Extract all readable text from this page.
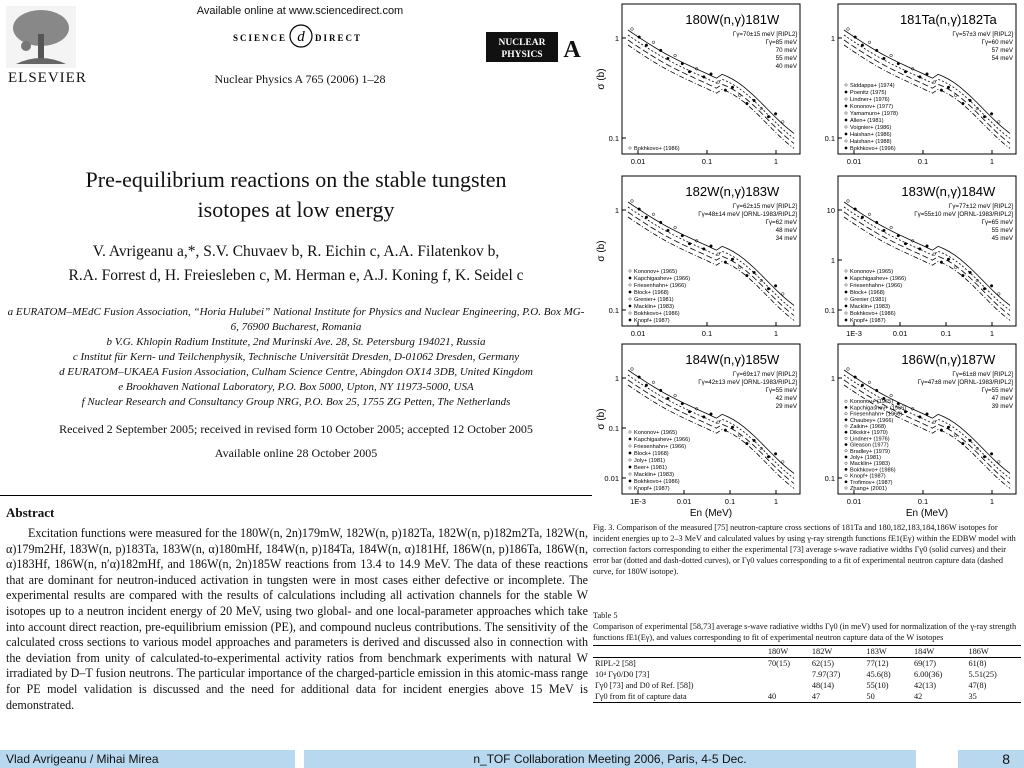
ELSEVIER
Available online at www.sciencedirect.com
SCIENCE d DIRECT
Nuclear Physics A 765 (2006) 1–28
NUCLEAR
PHYSICS A
Pre-equilibrium reactions on the stable tungsten
isotopes at low energy
V. Avrigeanu a,*, S.V. Chuvaev b, R. Eichin c, A.A. Filatenkov b,
R.A. Forrest d, H. Freiesleben c, M. Herman e, A.J. Koning f, K. Seidel c
a EURATOM–MEdC Fusion Association, “Horia Hulubei” National Institute for Physics and Nuclear Engineering, P.O. Box MG-6, 76900 Bucharest, Romania
b V.G. Khlopin Radium Institute, 2nd Murinski Ave. 28, St. Petersburg 194021, Russia
c Institut für Kern- und Teilchenphysik, Technische Universität Dresden, D-01062 Dresden, Germany
d EURATOM–UKAEA Fusion Association, Culham Science Centre, Abingdon OX14 3DB, United Kingdom
e Brookhaven National Laboratory, P.O. Box 5000, Upton, NY 11973-5000, USA
f Nuclear Research and Consultancy Group NRG, P.O. Box 25, 1755 ZG Petten, The Netherlands
Received 2 September 2005; received in revised form 10 October 2005; accepted 12 October 2005
Available online 28 October 2005
Abstract
Excitation functions were measured for the 180W(n, 2n)179mW, 182W(n, p)182Ta, 182W(n, p)182m2Ta, 182W(n, α)179m2Hf, 183W(n, p)183Ta, 183W(n, α)180mHf, 184W(n, p)184Ta, 184W(n, α)181Hf, 186W(n, p)186Ta, 186W(n, α)183Hf, 186W(n, n′α)182mHf, and 186W(n, 2n)185W reactions from 13.4 to 14.9 MeV. The data of these reactions that are dominant for neutron-induced activation in tungsten were in most cases either defective or incomplete. The experimental results are compared with the results of calculations including all activation channels for the stable W isotopes up to a neutron incident energy of 20 MeV, using two global- and one local-parameter approaches which take into account direct reaction, pre-equilibrium emission (PE), and compound nucleus contributions. The sensitivity of the calculated cross sections to various model approaches and parameters is derived and discussed also in connection with the deviation from unity of calculated-to-experimental activity ratios from benchmark experiments with natural W irradiated by D–T fusion neutrons. The particular importance of the charged-particle emission in this atomic-mass range for PE model validation is discussed and the need for additional data for incident energies above 15 MeV is demonstrated.
180W(n,γ)181W
0.01	0.1	1
1
0.1
Γγ=70±15 meV [RIPL2]
Γγ=85 meV
70 meV
55 meV
40 meV
Bokhkovo+ (1986)
181Ta(n,γ)182Ta
0.01	0.1	1
1
0.1
Γγ=57±3 meV [RIPL2]
Γγ=60 meV
57 meV
54 meV
Siddappa+ (1974)
Poenitz (1975)
Lindner+ (1976)
Kononov+ (1977)
Yamamuro+ (1978)
Allen+ (1981)
Voignier+ (1986)
Haishan+ (1986)
Haishan+ (1988)
Bokhkovo+ (1996)
182W(n,γ)183W
0.01	0.1	1
1
0.1
Γγ=62±15 meV [RIPL2]
Γγ=48±14 meV [ORNL-1983/RIPL2]
Γγ=62 meV
48 meV
34 meV
Kononov+ (1965)
Kapchigashev+ (1966)
Friesenhahn+ (1966)
Block+ (1968)
Grenier+ (1981)
Macklin+ (1983)
Bokhkovo+ (1986)
Knopf+ (1987)
183W(n,γ)184W
1E-3	0.01	0.1	1
10
1
0.1
Γγ=77±12 meV [RIPL2]
Γγ=55±10 meV [ORNL-1983/RIPL2]
Γγ=65 meV
55 meV
45 meV
Kononov+ (1965)
Kapchigashev+ (1966)
Friesenhahn+ (1966)
Block+ (1968)
Grenier (1981)
Macklin+ (1983)
Bokhkovo+ (1986)
Knopf+ (1987)
184W(n,γ)185W
1E-3	0.01	0.1	1
1
0.1
0.01
Γγ=69±17 meV [RIPL2]
Γγ=42±13 meV [ORNL-1983/RIPL2]
Γγ=55 meV
42 meV
29 meV
Kononov+ (1965)
Kapchigashev+ (1966)
Friesenhahn+ (1966)
Block+ (1968)
Joly+ (1981)
Beer+ (1981)
Macklin+ (1983)
Bokhkovo+ (1986)
Knopf+ (1987)
186W(n,γ)187W
0.01	0.1	1
1
0.1
Γγ=61±8 meV [RIPL2]
Γγ=47±8 meV [ORNL-1983/RIPL2]
Γγ=55 meV
47 meV
39 meV
Kononov+ (1965)
Kapchigashev+ (1966)
Friesenhahn+ (1966)
Chaubey+ (1966)
Zaikin+ (1968)
Dikskir+ (1970)
Lindner+ (1976)
Gleason (1977)
Bradley+ (1979)
Joly+ (1981)
Macklin+ (1983)
Bokhkovo+ (1986)
Knopf+ (1987)
Trofimov+ (1987)
Zhang+ (2001)
σ (b)
σ (b)
σ (b)
En (MeV)	En (MeV)
Fig. 3. Comparison of the measured [75] neutron-capture cross sections of 181Ta and 180,182,183,184,186W isotopes for incident energies up to 2–3 MeV and calculated values by using γ-ray strength functions fE1(Eγ) within the EDBW model with correction factors corresponding to either the experimental [73] average s-wave radiative widths Γγ0 (solid curves) and their error bar (dotted and dash-dotted curves), or Γγ0 values corresponding to a fit of experimental neutron capture data (dashed curve, for 180W isotope).
Table 5
Comparison of experimental [58,73] average s-wave radiative widths Γγ0 (in meV) used for normalization of the γ-ray strength functions fE1(Eγ), and values corresponding to fit of experimental neutron capture data of the W isotopes
	180W	182W	183W	184W	186W
RIPL-2 [58]	70(15)	62(15)	77(12)	69(17)	61(8)
10⁴ Γγ0/D0 [73]		7.97(37)	45.6(8)	6.00(36)	5.51(25)
Γγ0 [73] and D0 of Ref. [58])		48(14)	55(10)	42(13)	47(8)
Γγ0 from fit of capture data	40	47	50	42	35
Vlad Avrigeanu / Mihai Mirea	n_TOF Collaboration Meeting 2006, Paris, 4-5 Dec.	8
